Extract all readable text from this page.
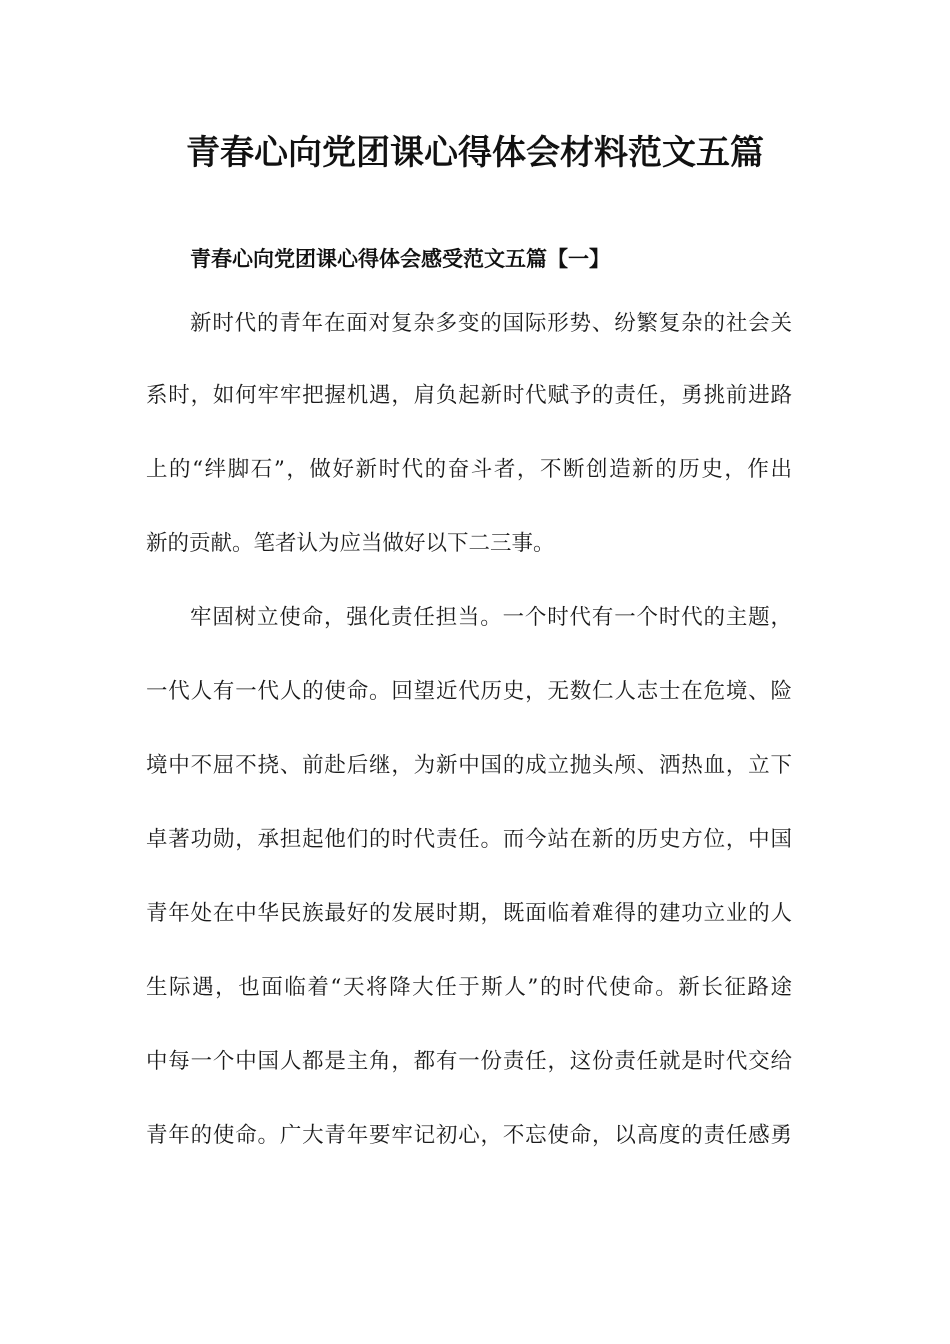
青春心向党团课心得体会材料范文五篇
青春心向党团课心得体会感受范文五篇【一】

新时代的青年在面对复杂多变的国际形势、纷繁复杂的社会关

系时，如何牢牢把握机遇，肩负起新时代赋予的责任，勇挑前进路

上的“绊脚石”，做好新时代的奋斗者，不断创造新的历史，作出

新的贡献。笔者认为应当做好以下二三事。

牢固树立使命，强化责任担当。一个时代有一个时代的主题，

一代人有一代人的使命。回望近代历史，无数仁人志士在危境、险

境中不屈不挠、前赴后继，为新中国的成立抛头颅、洒热血，立下

卓著功勋，承担起他们的时代责任。而今站在新的历史方位，中国

青年处在中华民族最好的发展时期，既面临着难得的建功立业的人

生际遇，也面临着“天将降大任于斯人”的时代使命。新长征路途

中每一个中国人都是主角，都有一份责任，这份责任就是时代交给

青年的使命。广大青年要牢记初心，不忘使命，以高度的责任感勇
